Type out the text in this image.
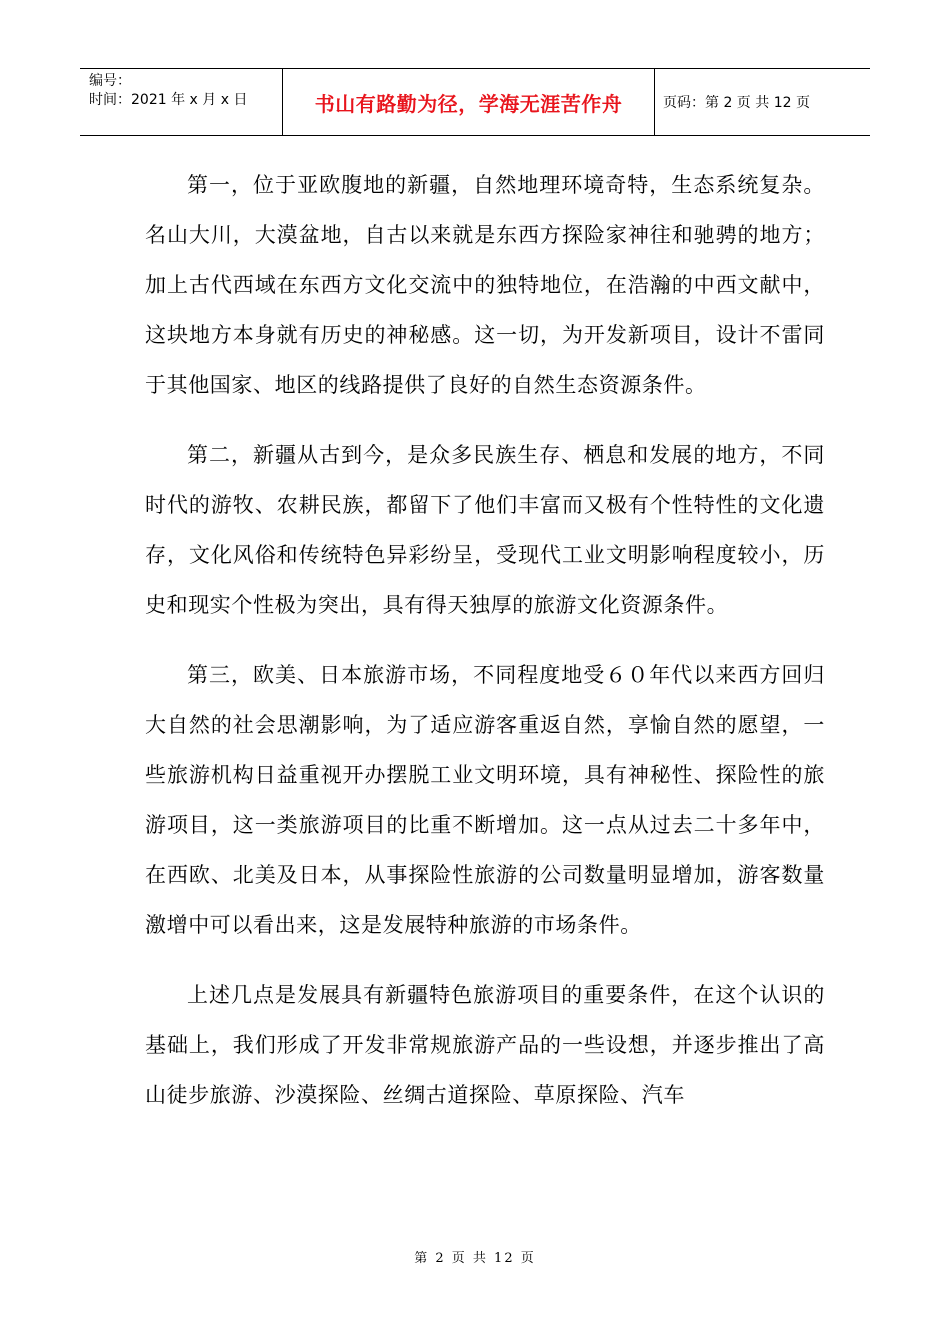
编号：
时间：2021 年 x 月 x 日	书山有路勤为径，学海无涯苦作舟	页码：第 2 页 共 12 页

第一，位于亚欧腹地的新疆，自然地理环境奇特，生态系统复杂。名山大川，大漠盆地，自古以来就是东西方探险家神往和驰骋的地方；加上古代西域在东西方文化交流中的独特地位，在浩瀚的中西文献中，这块地方本身就有历史的神秘感。这一切，为开发新项目，设计不雷同于其他国家、地区的线路提供了良好的自然生态资源条件。

第二，新疆从古到今，是众多民族生存、栖息和发展的地方，不同时代的游牧、农耕民族，都留下了他们丰富而又极有个性特性的文化遗存，文化风俗和传统特色异彩纷呈，受现代工业文明影响程度较小，历史和现实个性极为突出，具有得天独厚的旅游文化资源条件。

第三，欧美、日本旅游市场，不同程度地受６０年代以来西方回归大自然的社会思潮影响，为了适应游客重返自然，享愉自然的愿望，一些旅游机构日益重视开办摆脱工业文明环境，具有神秘性、探险性的旅游项目，这一类旅游项目的比重不断增加。这一点从过去二十多年中，在西欧、北美及日本，从事探险性旅游的公司数量明显增加，游客数量激增中可以看出来，这是发展特种旅游的市场条件。

上述几点是发展具有新疆特色旅游项目的重要条件，在这个认识的基础上，我们形成了开发非常规旅游产品的一些设想，并逐步推出了高山徒步旅游、沙漠探险、丝绸古道探险、草原探险、汽车

第 2 页 共 12 页
